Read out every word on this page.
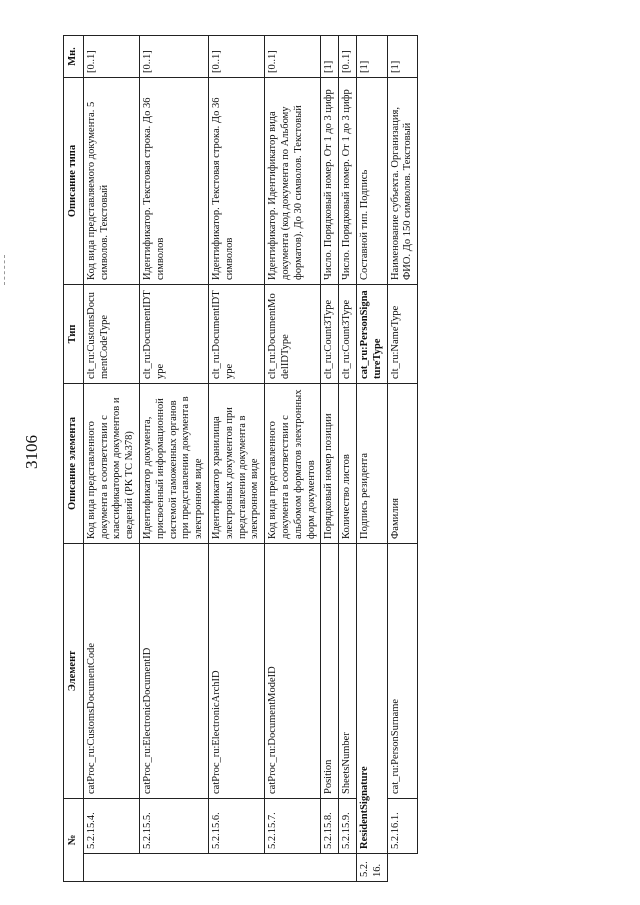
3106
№		Элемент	Описание элемента	Тип	Описание типа	Мн.
	5.2.15.4.	catProc_ru:CustomsDocumentCode	Код вида представленного документа в соответствии с классификатором документов и сведений (РК ТС №378)	clt_ru:CustomsDocumentCodeType	Код вида представляемого документа. 5 символов. Текстовый	[0..1]
	5.2.15.5.	catProc_ru:ElectronicDocumentID	Идентификатор документа, присвоенный информационной системой таможенных органов при представлении документа в электронном виде	clt_ru:DocumentIDType	Идентификатор. Текстовая строка. До 36 символов	[0..1]
	5.2.15.6.	catProc_ru:ElectronicArchID	Идентификатор хранилища электронных документов при представлении документа в электронном виде	clt_ru:DocumentIDType	Идентификатор. Текстовая строка. До 36 символов	[0..1]
	5.2.15.7.	catProc_ru:DocumentModeID	Код вида представленного документа в соответствии с альбомом форматов электронных форм документов	clt_ru:DocumentModelIDType	Идентификатор. Идентификатор вида документа (код документа по Альбому форматов). До 30 символов. Текстовый	[0..1]
	5.2.15.8.	Position	Порядковый номер позиции	clt_ru:Count3Type	Число. Порядковый номер. От 1 до 3 цифр	[1]
	5.2.15.9.	SheetsNumber	Количество листов	clt_ru:Count3Type	Число. Порядковый номер. От 1 до 3 цифр	[0..1]
5.2.16.	ResidentSignature		Подпись резидента	cat_ru:PersonSignatureType	Составной тип. Подпись	[1]
	5.2.16.1.	cat_ru:PersonSurname	Фамилия	clt_ru:NameType	Наименование субъекта. Организация, ФИО. До 150 символов. Текстовый	[1]
